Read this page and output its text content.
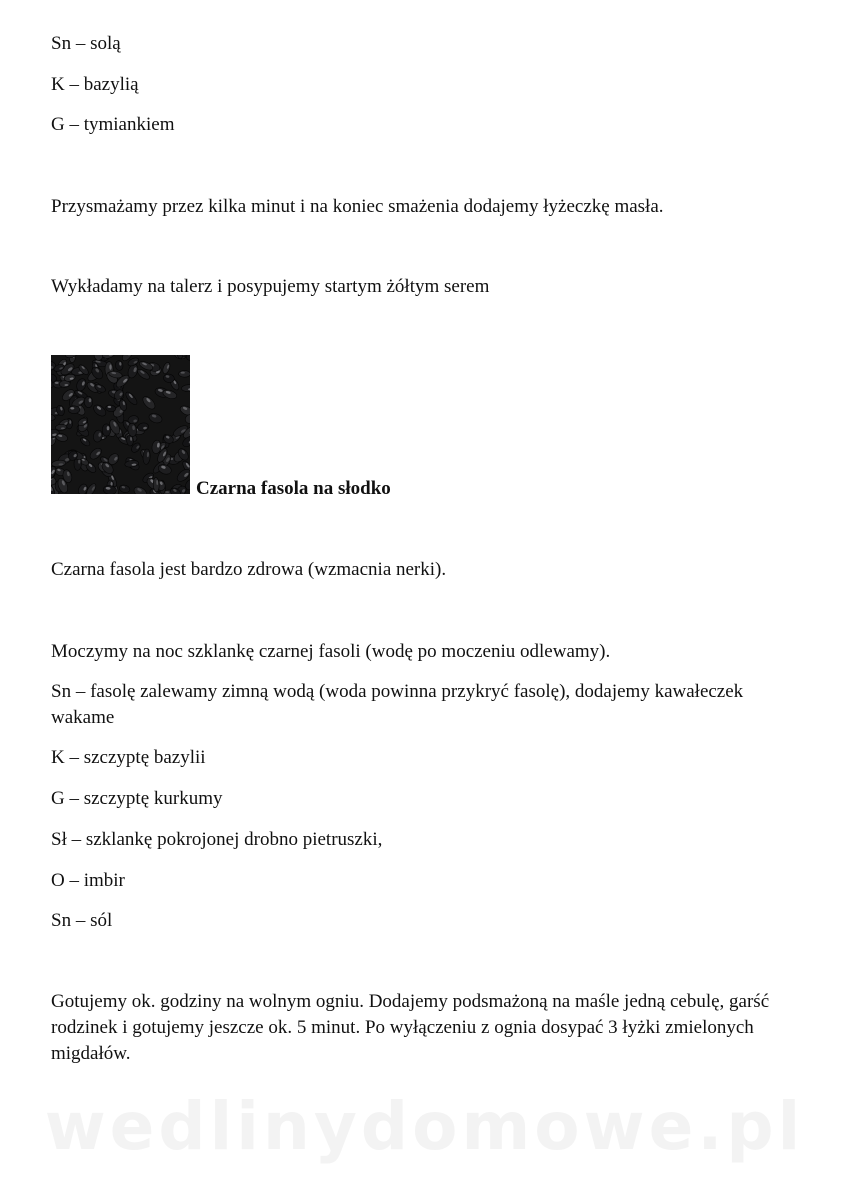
Sn – solą
K – bazylią
G – tymiankiem
Przysmażamy przez kilka minut i na koniec smażenia dodajemy łyżeczkę masła.
Wykładamy na talerz i posypujemy startym żółtym serem
Czarna fasola na słodko
Czarna fasola jest bardzo zdrowa (wzmacnia nerki).
Moczymy na noc szklankę czarnej fasoli (wodę po moczeniu odlewamy).
Sn – fasolę zalewamy zimną wodą (woda powinna przykryć fasolę), dodajemy kawałeczek wakame
K – szczyptę bazylii
G – szczyptę kurkumy
Sł – szklankę pokrojonej drobno pietruszki,
O – imbir
Sn – sól
Gotujemy ok. godziny na wolnym ogniu. Dodajemy podsmażoną na maśle jedną cebulę, garść rodzinek i gotujemy jeszcze ok. 5 minut. Po wyłączeniu z ognia dosypać 3 łyżki zmielonych migdałów.
wedlinydomowe.pl
